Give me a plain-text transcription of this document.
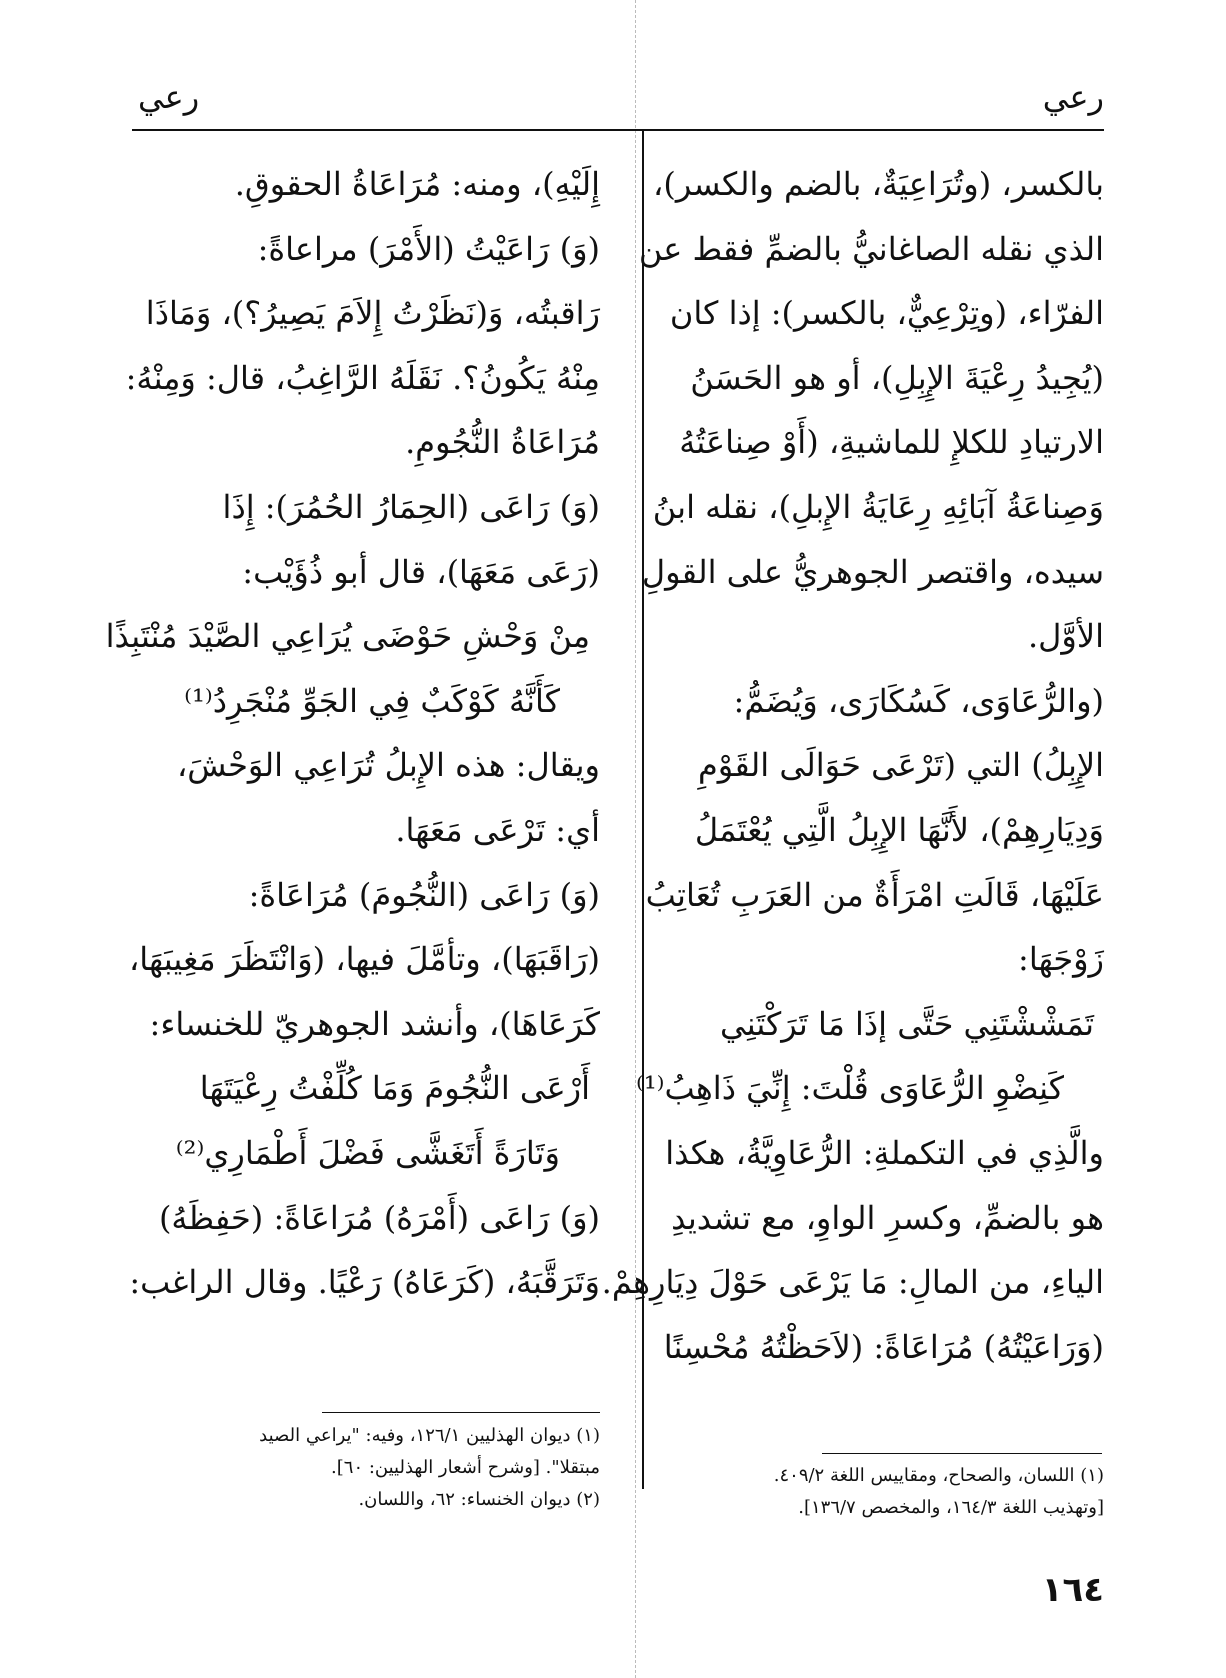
رعي
رعي
بالكسر، (وتُرَاعِيَةٌ، بالضم والكسر)،
الذي نقله الصاغانيُّ بالضمِّ فقط عن
الفرّاء، (وتِرْعِيٌّ، بالكسر): إذا كان
(يُجِيدُ رِعْيَةَ الإِبِلِ)، أو هو الحَسَنُ
الارتيادِ للكلإِ للماشيةِ، (أَوْ صِناعَتُهُ
وَصِناعَةُ آبَائِهِ رِعَايَةُ الإِبلِ)، نقله ابنُ
سيده، واقتصر الجوهريُّ على القولِ
الأوَّل.
(والرُّعَاوَى، كَسُكَارَى، وَيُضَمُّ:
الإِبِلُ) التي (تَرْعَى حَوَالَى القَوْمِ
وَدِيَارِهِمْ)، لأَنَّهَا الإِبِلُ الَّتِي يُعْتَمَلُ
عَلَيْهَا، قَالَتِ امْرَأَةٌ من العَرَبِ تُعَاتِبُ
زَوْجَهَا:
تَمَشْشْتَنِي حَتَّى إذَا مَا تَرَكْتَنِي
كَنِضْوِ الرُّعَاوَى قُلْتَ: إِنِّيَ ذَاهِبُ⁽¹⁾
والَّذِي في التكملةِ: الرُّعَاوِيَّةُ، هكذا
هو بالضمِّ، وكسرِ الواوِ، مع تشديدِ
الياءِ، من المالِ: مَا يَرْعَى حَوْلَ دِيَارِهِمْ.
(وَرَاعَيْتُهُ) مُرَاعَاةً: (لاَحَظْتُهُ مُحْسِنًا
إِلَيْهِ)، ومنه: مُرَاعَاةُ الحقوقِ.
(وَ) رَاعَيْتُ (الأَمْرَ) مراعاةً:
رَاقبتُه، وَ(نَظَرْتُ إِلاَمَ يَصِيرُ؟)، وَمَاذَا
مِنْهُ يَكُونُ؟. نَقَلَهُ الرَّاغِبُ، قال: وَمِنْهُ:
مُرَاعَاةُ النُّجُومِ.
(وَ) رَاعَى (الحِمَارُ الحُمُرَ): إِذَا
(رَعَى مَعَهَا)، قال أبو ذُؤَيْب:
مِنْ وَحْشِ حَوْضَى يُرَاعِي الصَّيْدَ مُنْتَبِذًا
كَأَنَّهُ كَوْكَبٌ فِي الجَوِّ مُنْجَرِدُ⁽¹⁾
ويقال: هذه الإِبلُ تُرَاعِي الوَحْشَ،
أي: تَرْعَى مَعَهَا.
(وَ) رَاعَى (النُّجُومَ) مُرَاعَاةً:
(رَاقَبَهَا)، وتأمَّلَ فيها، (وَانْتَظَرَ مَغِيبَهَا،
كَرَعَاهَا)، وأنشد الجوهريّ للخنساء:
أَرْعَى النُّجُومَ وَمَا كُلِّفْتُ رِعْيَتَهَا
وَتَارَةً أَتَغَشَّى فَضْلَ أَطْمَارِي⁽²⁾
(وَ) رَاعَى (أَمْرَهُ) مُرَاعَاةً: (حَفِظَهُ)
وَتَرَقَّبَهُ، (كَرَعَاهُ) رَعْيًا. وقال الراغب:
(١) ديوان الهذليين ١٢٦/١، وفيه: "يراعي الصيد
مبتقلا". [وشرح أشعار الهذليين: ٦٠].
(٢) ديوان الخنساء: ٦٢، واللسان.
(١) اللسان، والصحاح، ومقاييس اللغة ٤٠٩/٢.
[وتهذيب اللغة ١٦٤/٣، والمخصص ١٣٦/٧].
١٦٤
